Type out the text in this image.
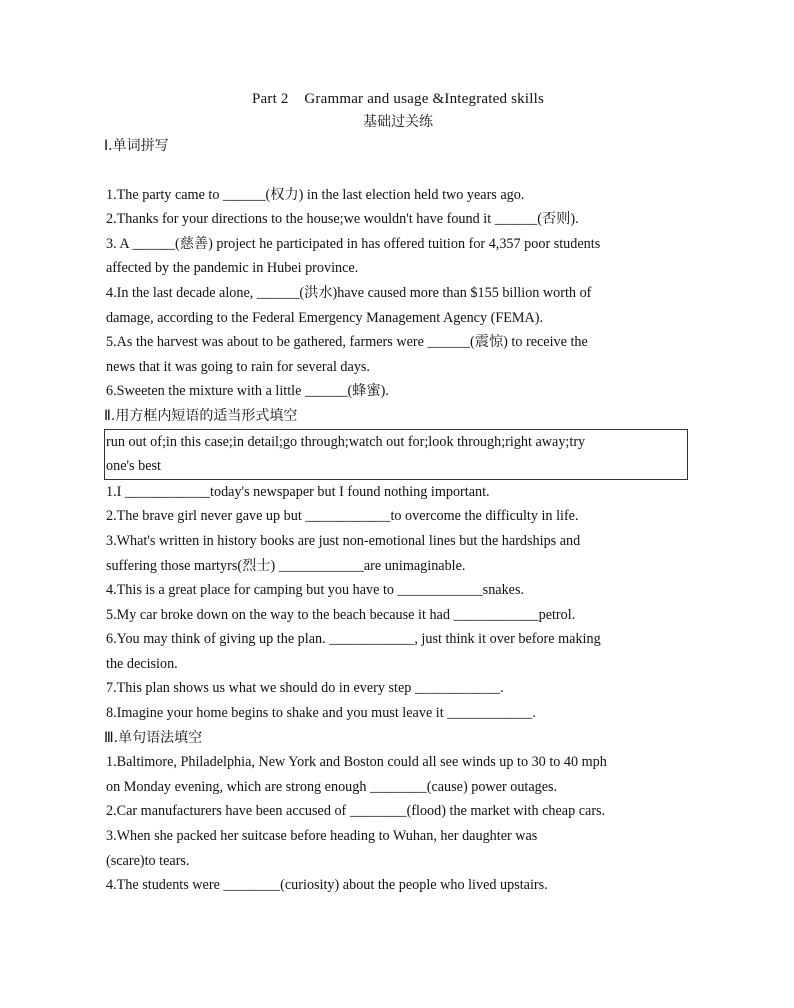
Part 2    Grammar and usage &Integrated skills

基础过关练

Ⅰ.单词拼写

1.The party came to ______(权力) in the last election held two years ago.

2.Thanks for your directions to the house;we wouldn't have found it ______(否则).

3. A ______(慈善) project he participated in has offered tuition for 4,357 poor students

affected by the pandemic in Hubei province.

4.In the last decade alone, ______(洪水)have caused more than $155 billion worth of

damage, according to the Federal Emergency Management Agency (FEMA).

5.As the harvest was about to be gathered, farmers were ______(震惊) to receive the

news that it was going to rain for several days.

6.Sweeten the mixture with a little ______(蜂蜜).

Ⅱ.用方框内短语的适当形式填空

run out of;in this case;in detail;go through;watch out for;look through;right away;try

one's best

1.I ____________today's newspaper but I found nothing important.

2.The brave girl never gave up but ____________to overcome the difficulty in life.

3.What's written in history books are just non-emotional lines but the hardships and

suffering those martyrs(烈士) ____________are unimaginable.

4.This is a great place for camping but you have to ____________snakes.

5.My car broke down on the way to the beach because it had ____________petrol.

6.You may think of giving up the plan. ____________, just think it over before making

the decision.

7.This plan shows us what we should do in every step ____________.

8.Imagine your home begins to shake and you must leave it ____________.

Ⅲ.单句语法填空

1.Baltimore, Philadelphia, New York and Boston could all see winds up to 30 to 40 mph

on Monday evening, which are strong enough ________(cause) power outages.

2.Car manufacturers have been accused of ________(flood) the market with cheap cars.

3.When she packed her suitcase before heading to Wuhan, her daughter was

(scare)to tears.

4.The students were ________(curiosity) about the people who lived upstairs.
